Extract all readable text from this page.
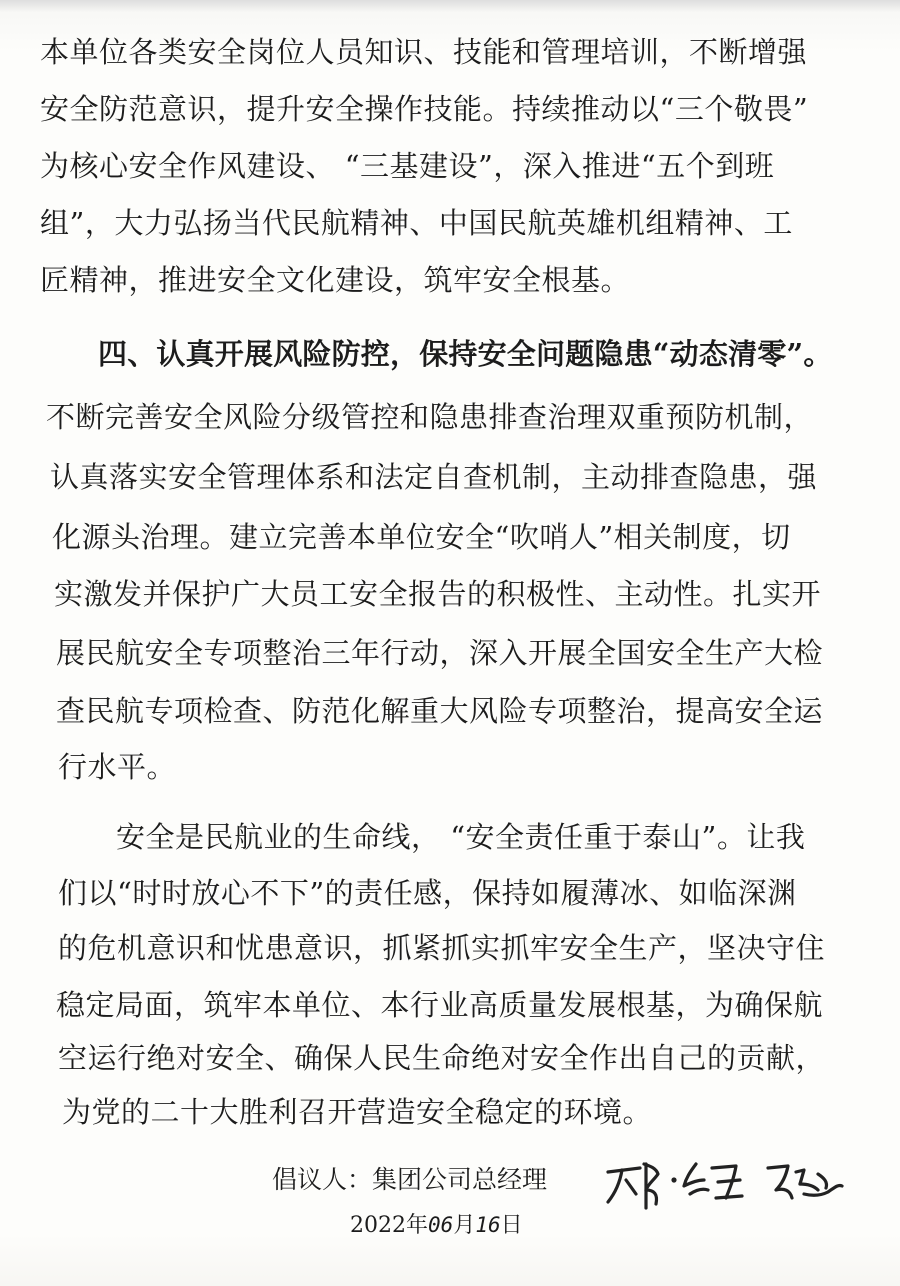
本单位各类安全岗位人员知识、技能和管理培训，不断增强

安全防范意识，提升安全操作技能。持续推动以“三个敬畏”

为核心安全作风建设、 “三基建设”，深入推进“五个到班

组”，大力弘扬当代民航精神、中国民航英雄机组精神、工

匠精神，推进安全文化建设，筑牢安全根基。

四、认真开展风险防控，保持安全问题隐患“动态清零”。

不断完善安全风险分级管控和隐患排查治理双重预防机制，

认真落实安全管理体系和法定自查机制，主动排查隐患，强

化源头治理。建立完善本单位安全“吹哨人”相关制度，切

实激发并保护广大员工安全报告的积极性、主动性。扎实开

展民航安全专项整治三年行动，深入开展全国安全生产大检

查民航专项检查、防范化解重大风险专项整治，提高安全运

行水平。

安全是民航业的生命线， “安全责任重于泰山”。让我

们以“时时放心不下”的责任感，保持如履薄冰、如临深渊

的危机意识和忧患意识，抓紧抓实抓牢安全生产，坚决守住

稳定局面，筑牢本单位、本行业高质量发展根基，为确保航

空运行绝对安全、确保人民生命绝对安全作出自己的贡献，

为党的二十大胜利召开营造安全稳定的环境。

倡议人：集团公司总经理
2022年06月16日
